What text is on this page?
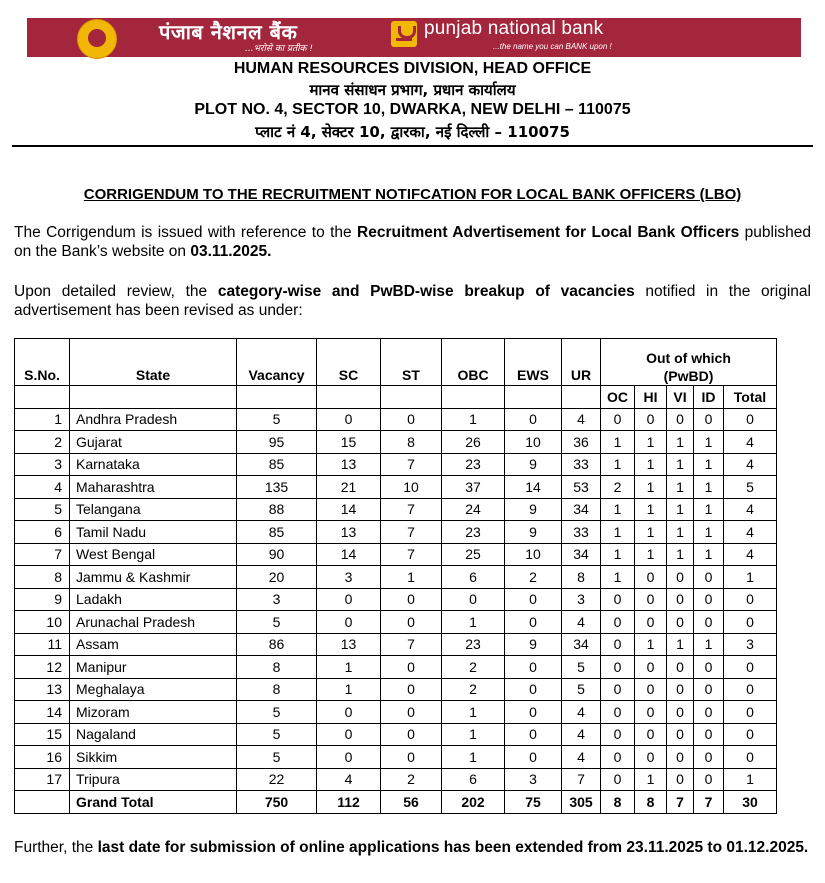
पंजाब नैशनल बैंक
...भरोसे का प्रतीक !
punjab national bank
...the name you can BANK upon !
HUMAN RESOURCES DIVISION, HEAD OFFICE
मानव संसाधन प्रभाग, प्रधान कार्यालय
PLOT NO. 4, SECTOR 10, DWARKA, NEW DELHI – 110075
प्लाट नं 4, सेक्टर 10, द्वारका, नई दिल्ली – 110075
CORRIGENDUM TO THE RECRUITMENT NOTIFCATION FOR LOCAL BANK OFFICERS (LBO)
The Corrigendum is issued with reference to the Recruitment Advertisement for Local Bank Officers published on the Bank’s website on 03.11.2025.
Upon detailed review, the category-wise and PwBD-wise breakup of vacancies notified in the original advertisement has been revised as under:
S.No.	State	Vacancy	SC	ST	OBC	EWS	UR	Out of which
(PwBD)				

								OC	HI	VI	ID	Total
1	Andhra Pradesh	5	0	0	1	0	4	0	0	0	0	0
2	Gujarat	95	15	8	26	10	36	1	1	1	1	4
3	Karnataka	85	13	7	23	9	33	1	1	1	1	4
4	Maharashtra	135	21	10	37	14	53	2	1	1	1	5
5	Telangana	88	14	7	24	9	34	1	1	1	1	4
6	Tamil Nadu	85	13	7	23	9	33	1	1	1	1	4
7	West Bengal	90	14	7	25	10	34	1	1	1	1	4
8	Jammu & Kashmir	20	3	1	6	2	8	1	0	0	0	1
9	Ladakh	3	0	0	0	0	3	0	0	0	0	0
10	Arunachal Pradesh	5	0	0	1	0	4	0	0	0	0	0
11	Assam	86	13	7	23	9	34	0	1	1	1	3
12	Manipur	8	1	0	2	0	5	0	0	0	0	0
13	Meghalaya	8	1	0	2	0	5	0	0	0	0	0
14	Mizoram	5	0	0	1	0	4	0	0	0	0	0
15	Nagaland	5	0	0	1	0	4	0	0	0	0	0
16	Sikkim	5	0	0	1	0	4	0	0	0	0	0
17	Tripura	22	4	2	6	3	7	0	1	0	0	1
	Grand Total	750	112	56	202	75	305	8	8	7	7	30
Further, the last date for submission of online applications has been extended from 23.11.2025 to 01.12.2025.
